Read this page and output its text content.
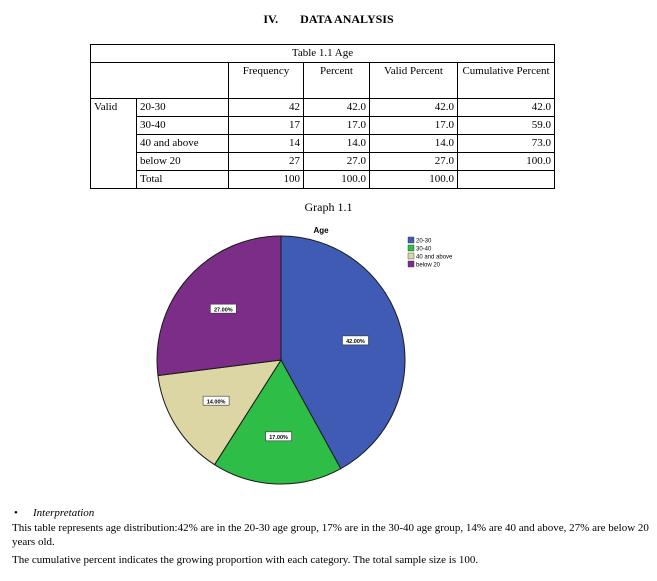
IV. DATA ANALYSIS
Table 1.1 Age					
		Frequency	Percent	Valid Percent	Cumulative Percent
Valid	20-30	42	42.0	42.0	42.0
	30-40	17	17.0	17.0	59.0
	40 and above	14	14.0	14.0	73.0
	below 20	27	27.0	27.0	100.0
	Total	100	100.0	100.0	
Graph 1.1
Age
42.00%
17.00%
14.00%
27.00%
20-30
30-40
40 and above
below 20
• Interpretation
This table represents age distribution:42% are in the 20-30 age group, 17% are in the 30-40 age group, 14% are 40 and above, 27% are below 20 years old.
The cumulative percent indicates the growing proportion with each category. The total sample size is 100.
